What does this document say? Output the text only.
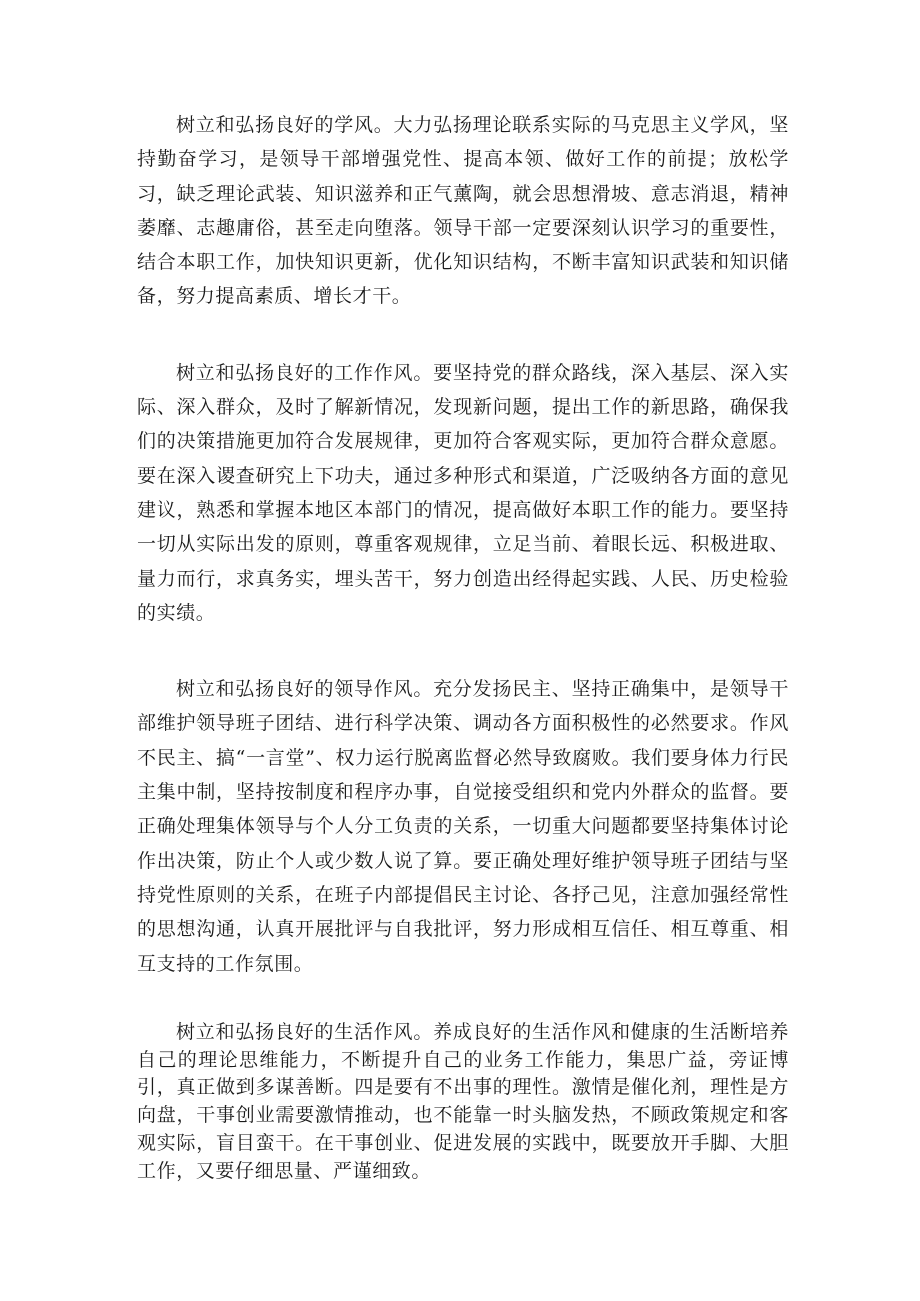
树立和弘扬良好的学风。大力弘扬理论联系实际的马克思主义学风，坚持勤奋学习，是领导干部增强党性、提高本领、做好工作的前提；放松学习，缺乏理论武装、知识滋养和正气薰陶，就会思想滑坡、意志消退，精神萎靡、志趣庸俗，甚至走向堕落。领导干部一定要深刻认识学习的重要性，结合本职工作，加快知识更新，优化知识结构，不断丰富知识武装和知识储备，努力提高素质、增长才干。

树立和弘扬良好的工作作风。要坚持党的群众路线，深入基层、深入实际、深入群众，及时了解新情况，发现新问题，提出工作的新思路，确保我们的决策措施更加符合发展规律，更加符合客观实际，更加符合群众意愿。要在深入谡查研究上下功夫，通过多种形式和渠道，广泛吸纳各方面的意见建议，熟悉和掌握本地区本部门的情况，提高做好本职工作的能力。要坚持一切从实际出发的原则，尊重客观规律，立足当前、着眼长远、积极进取、量力而行，求真务实，埋头苦干，努力创造出经得起实践、人民、历史检验的实绩。

树立和弘扬良好的领导作风。充分发扬民主、坚持正确集中，是领导干部维护领导班子团结、进行科学决策、调动各方面积极性的必然要求。作风不民主、搞“一言堂”、权力运行脱离监督必然导致腐败。我们要身体力行民主集中制，坚持按制度和程序办事，自觉接受组织和党内外群众的监督。要正确处理集体领导与个人分工负责的关系，一切重大问题都要坚持集体讨论作出决策，防止个人或少数人说了算。要正确处理好维护领导班子团结与坚持党性原则的关系，在班子内部提倡民主讨论、各抒己见，注意加强经常性的思想沟通，认真开展批评与自我批评，努力形成相互信任、相互尊重、相互支持的工作氛围。

树立和弘扬良好的生活作风。养成良好的生活作风和健康的生活断培养自己的理论思维能力，不断提升自己的业务工作能力，集思广益，旁证博引，真正做到多谋善断。四是要有不出事的理性。激情是催化剂，理性是方向盘，干事创业需要激情推动，也不能靠一时头脑发热，不顾政策规定和客观实际，盲目蛮干。在干事创业、促进发展的实践中，既要放开手脚、大胆工作，又要仔细思量、严谨细致。
